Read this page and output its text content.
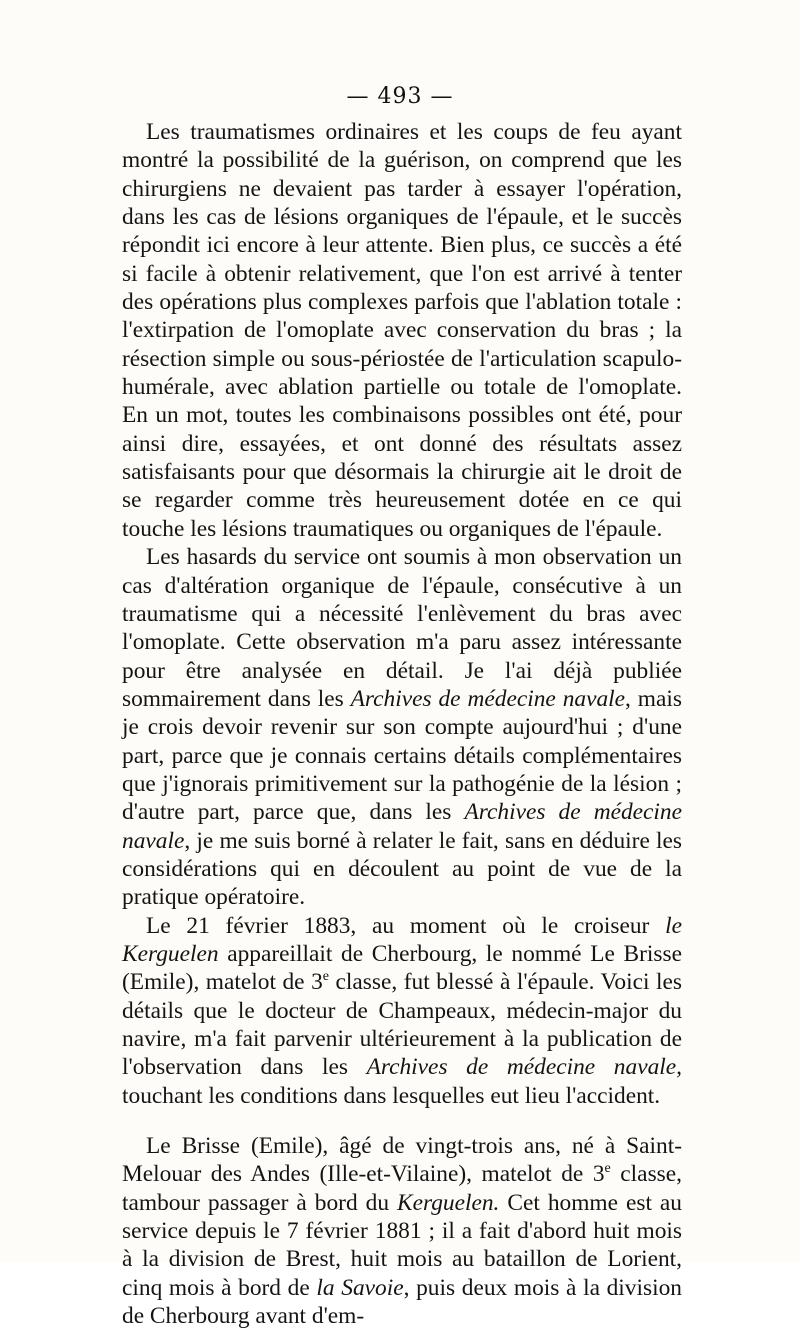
— 493 —

Les traumatismes ordinaires et les coups de feu ayant montré la possibilité de la guérison, on comprend que les chirurgiens ne devaient pas tarder à essayer l'opération, dans les cas de lésions organiques de l'épaule, et le succès répondit ici encore à leur attente. Bien plus, ce succès a été si facile à obtenir relativement, que l'on est arrivé à tenter des opérations plus complexes parfois que l'ablation totale : l'extirpation de l'omoplate avec conservation du bras ; la résection simple ou sous-périostée de l'articulation scapulo-humérale, avec ablation partielle ou totale de l'omoplate. En un mot, toutes les combinaisons possibles ont été, pour ainsi dire, essayées, et ont donné des résultats assez satisfaisants pour que désormais la chirurgie ait le droit de se regarder comme très heureusement dotée en ce qui touche les lésions traumatiques ou organiques de l'épaule.

Les hasards du service ont soumis à mon observation un cas d'altération organique de l'épaule, consécutive à un traumatisme qui a nécessité l'enlèvement du bras avec l'omoplate. Cette observation m'a paru assez intéressante pour être analysée en détail. Je l'ai déjà publiée sommairement dans les Archives de médecine navale, mais je crois devoir revenir sur son compte aujourd'hui ; d'une part, parce que je connais certains détails complémentaires que j'ignorais primitivement sur la pathogénie de la lésion ; d'autre part, parce que, dans les Archives de médecine navale, je me suis borné à relater le fait, sans en déduire les considérations qui en découlent au point de vue de la pratique opératoire.

Le 21 février 1883, au moment où le croiseur le Kerguelen appareillait de Cherbourg, le nommé Le Brisse (Emile), matelot de 3e classe, fut blessé à l'épaule. Voici les détails que le docteur de Champeaux, médecin-major du navire, m'a fait parvenir ultérieurement à la publication de l'observation dans les Archives de médecine navale, touchant les conditions dans lesquelles eut lieu l'accident.

Le Brisse (Emile), âgé de vingt-trois ans, né à Saint-Melouar des Andes (Ille-et-Vilaine), matelot de 3e classe, tambour passager à bord du Kerguelen. Cet homme est au service depuis le 7 février 1881 ; il a fait d'abord huit mois à la division de Brest, huit mois au bataillon de Lorient, cinq mois à bord de la Savoie, puis deux mois à la division de Cherbourg avant d'em-
